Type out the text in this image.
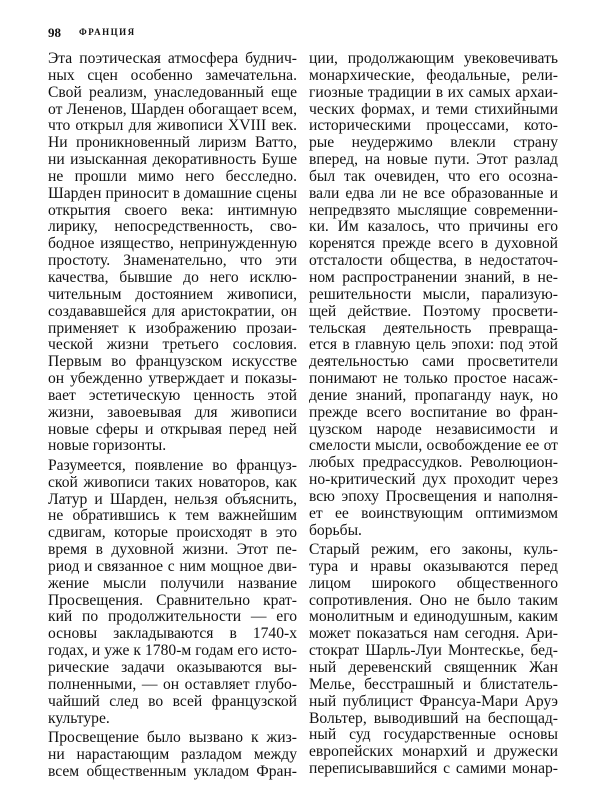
98 ФРАНЦИЯ
Эта поэтическая атмосфера буднич-
ных сцен особенно замечательна.
Свой реализм, унаследованный еще
от Лененов, Шарден обогащает всем,
что открыл для живописи XVIII век.
Ни проникновенный лиризм Ватто,
ни изысканная декоративность Буше
не прошли мимо него бесследно.
Шарден приносит в домашние сцены
открытия своего века: интимную
лирику, непосредственность, сво-
бодное изящество, непринужденную
простоту. Знаменательно, что эти
качества, бывшие до него исклю-
чительным достоянием живописи,
создававшейся для аристократии, он
применяет к изображению прозаи-
ческой жизни третьего сословия.
Первым во французском искусстве
он убежденно утверждает и показы-
вает эстетическую ценность этой
жизни, завоевывая для живописи
новые сферы и открывая перед ней
новые горизонты.
Разумеется, появление во француз-
ской живописи таких новаторов, как
Латур и Шарден, нельзя объяснить,
не обратившись к тем важнейшим
сдвигам, которые происходят в это
время в духовной жизни. Этот пе-
риод и связанное с ним мощное дви-
жение мысли получили название
Просвещения. Сравнительно крат-
кий по продолжительности — его
основы закладываются в 1740-х
годах, и уже к 1780-м годам его исто-
рические задачи оказываются вы-
полненными, — он оставляет глубо-
чайший след во всей французской
культуре.
Просвещение было вызвано к жиз-
ни нарастающим разладом между
всем общественным укладом Фран-
ции, продолжающим увековечивать
монархические, феодальные, рели-
гиозные традиции в их самых архаи-
ческих формах, и теми стихийными
историческими процессами, кото-
рые неудержимо влекли страну
вперед, на новые пути. Этот разлад
был так очевиден, что его осозна-
вали едва ли не все образованные и
непредвзято мыслящие современни-
ки. Им казалось, что причины его
коренятся прежде всего в духовной
отсталости общества, в недостаточ-
ном распространении знаний, в не-
решительности мысли, парализую-
щей действие. Поэтому просвети-
тельская деятельность превраща-
ется в главную цель эпохи: под этой
деятельностью сами просветители
понимают не только простое насаж-
дение знаний, пропаганду наук, но
прежде всего воспитание во фран-
цузском народе независимости и
смелости мысли, освобождение ее от
любых предрассудков. Революцион-
но-критический дух проходит через
всю эпоху Просвещения и наполня-
ет ее воинствующим оптимизмом
борьбы.
Старый режим, его законы, куль-
тура и нравы оказываются перед
лицом широкого общественного
сопротивления. Оно не было таким
монолитным и единодушным, каким
может показаться нам сегодня. Ари-
стократ Шарль-Луи Монтескье, бед-
ный деревенский священник Жан
Мелье, бесстрашный и блистатель-
ный публицист Франсуа-Мари Аруэ
Вольтер, выводивший на беспощад-
ный суд государственные основы
европейских монархий и дружески
переписывавшийся с самими монар-
